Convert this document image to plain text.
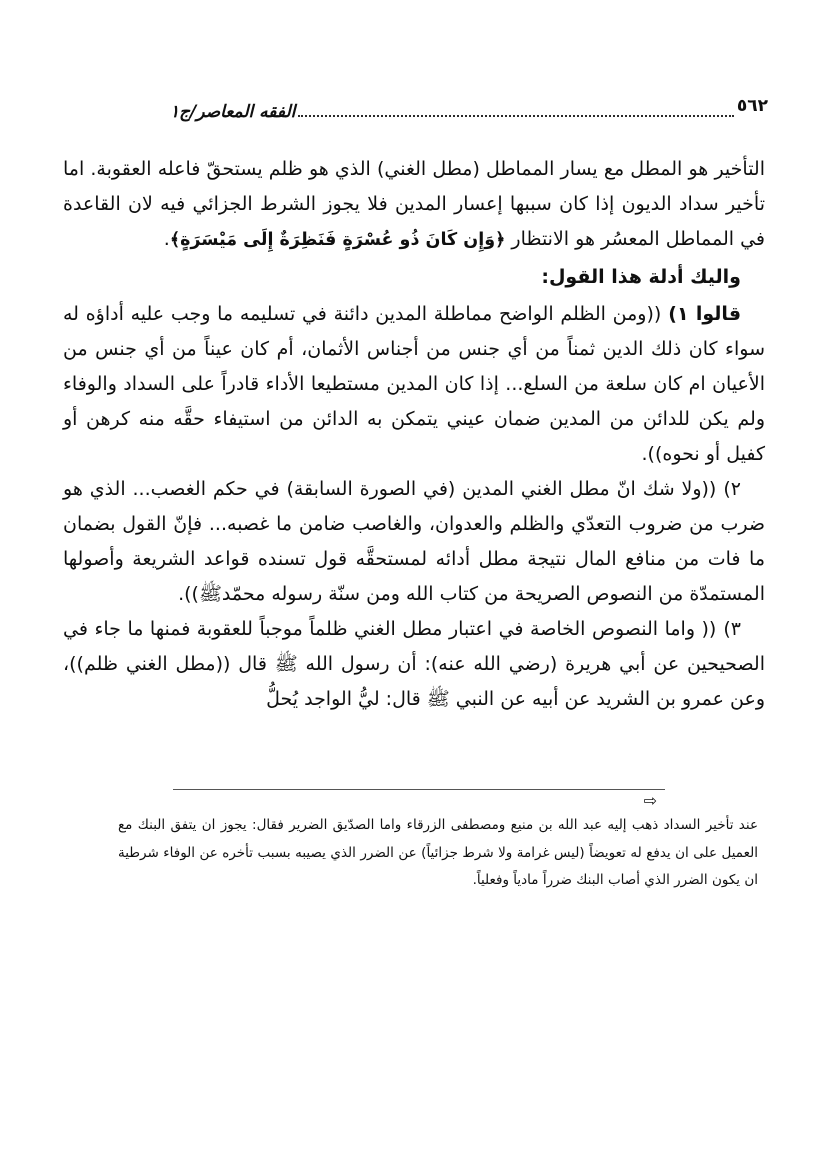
الفقه المعاصر/ج١	٥٦٢

التأخير هو المطل مع يسار المماطل (مطل الغني) الذي هو ظلم يستحقّ فاعله العقوبة. اما تأخير سداد الديون إذا كان سببها إعسار المدين فلا يجوز الشرط الجزائي فيه لان القاعدة في المماطل المعسُر هو الانتظار ﴿وَإِن كَانَ ذُو عُسْرَةٍ فَنَظِرَةٌ إِلَى مَيْسَرَةٍ﴾.

واليك أدلة هذا القول:

قالوا ١)((ومن الظلم الواضح مماطلة المدين دائنة في تسليمه ما وجب عليه أداؤه له سواء كان ذلك الدين ثمناً من أي جنس من أجناس الأثمان، أم كان عيناً من أي جنس من الأعيان ام كان سلعة من السلع... إذا كان المدين مستطيعا الأداء قادراً على السداد والوفاء ولم يكن للدائن من المدين ضمان عيني يتمكن به الدائن من استيفاء حقَّه منه كرهن أو كفيل أو نحوه)).

٢)((ولا شك انّ مطل الغني المدين (في الصورة السابقة) في حكم الغصب... الذي هو ضرب من ضروب التعدّي والظلم والعدوان، والغاصب ضامن ما غصبه... فإنّ القول بضمان ما فات من منافع المال نتيجة مطل أدائه لمستحقَّه قول تسنده قواعد الشريعة وأصولها المستمدّة من النصوص الصريحة من كتاب الله ومن سنّة رسوله محمّدﷺ)).

٣)(( واما النصوص الخاصة في اعتبار مطل الغني ظلماً موجباً للعقوبة فمنها ما جاء في الصحيحين عن أبي هريرة (رضي الله عنه): أن رسول الله ﷺ قال ((مطل الغني ظلم))، وعن عمرو بن الشريد عن أبيه عن النبي ﷺ قال: ليُّ الواجد يُحلُّ

⇨

عند تأخير السداد ذهب إليه عبد الله بن منيع ومصطفى الزرقاء واما الصدّيق الضرير فقال: يجوز ان يتفق البنك مع العميل على ان يدفع له تعويضاً (ليس غرامة ولا شرط جزائياً) عن الضرر الذي يصيبه بسبب تأخره عن الوفاء شرطية ان يكون الضرر الذي أصاب البنك ضرراً مادياً وفعلياً.
